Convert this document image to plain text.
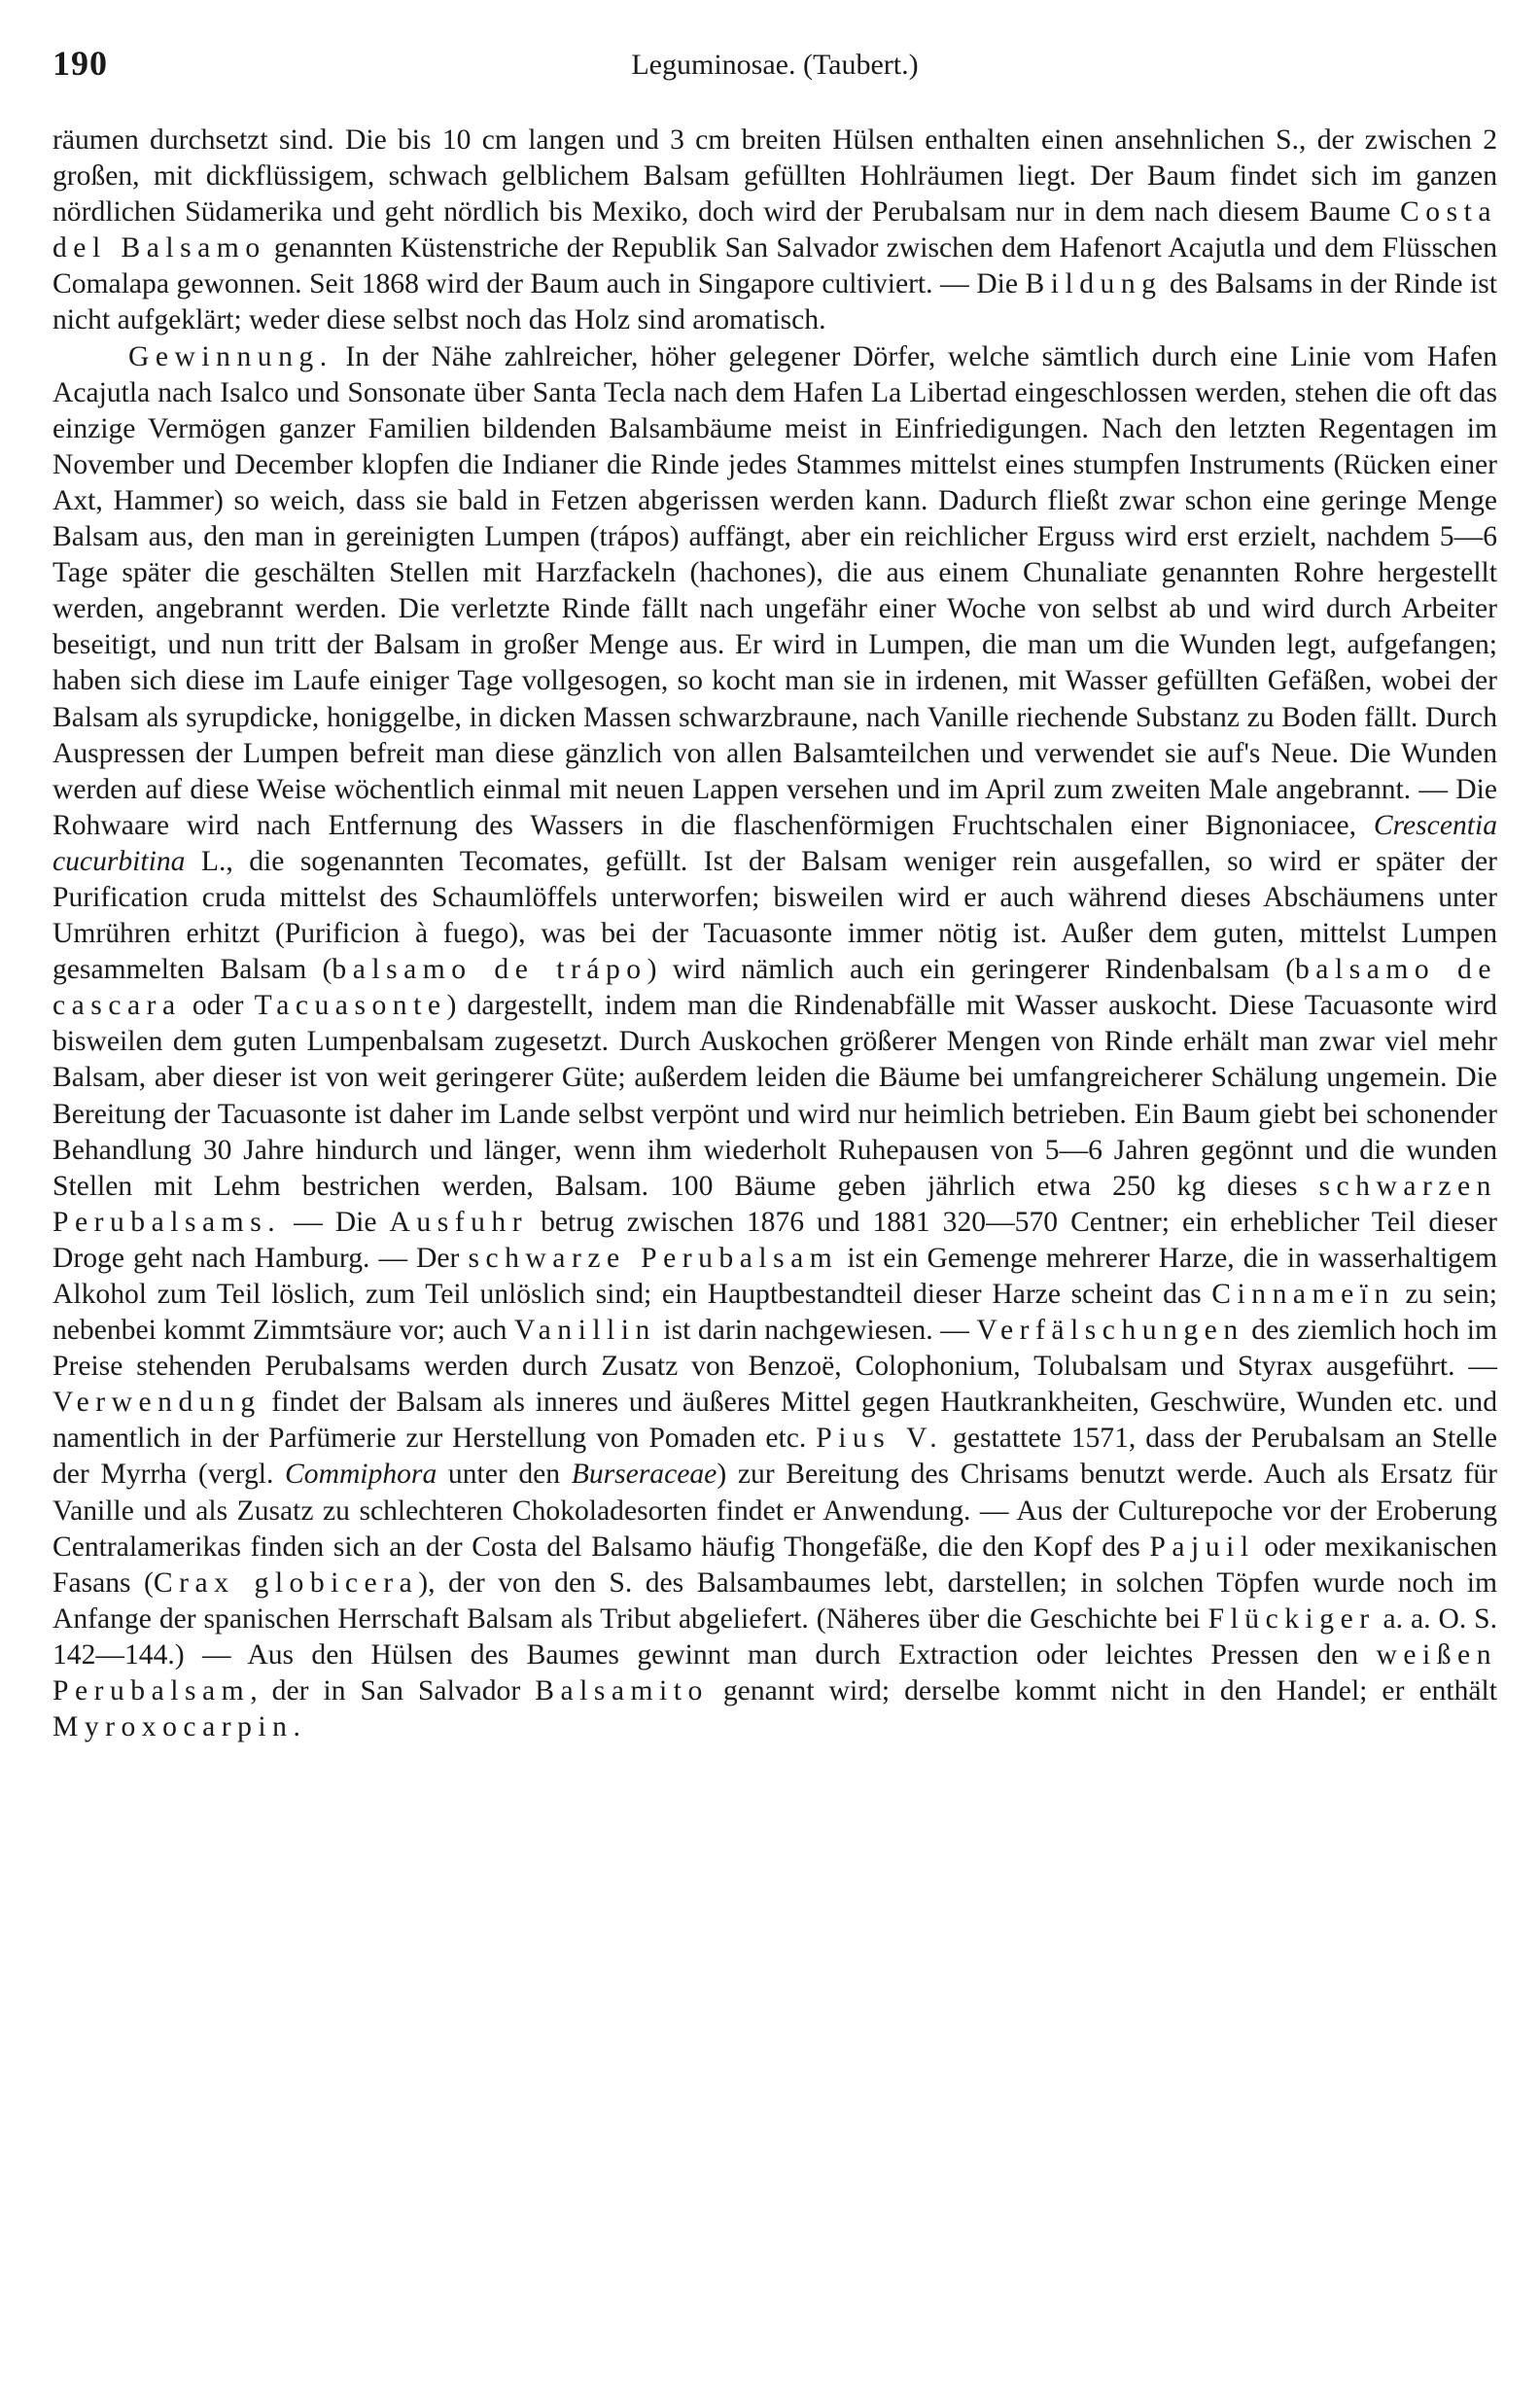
190	Leguminosae. (Taubert.)

räumen durchsetzt sind. Die bis 10 cm langen und 3 cm breiten Hülsen enthalten einen ansehnlichen S., der zwischen 2 großen, mit dickflüssigem, schwach gelblichem Balsam gefüllten Hohlräumen liegt. Der Baum findet sich im ganzen nördlichen Südamerika und geht nördlich bis Mexiko, doch wird der Perubalsam nur in dem nach diesem Baume Costa del Balsamo genannten Küstenstriche der Republik San Salvador zwischen dem Hafenort Acajutla und dem Flüsschen Comalapa gewonnen. Seit 1868 wird der Baum auch in Singapore cultiviert. — Die Bildung des Balsams in der Rinde ist nicht aufgeklärt; weder diese selbst noch das Holz sind aromatisch.

Gewinnung. In der Nähe zahlreicher, höher gelegener Dörfer, welche sämtlich durch eine Linie vom Hafen Acajutla nach Isalco und Sonsonate über Santa Tecla nach dem Hafen La Libertad eingeschlossen werden, stehen die oft das einzige Vermögen ganzer Familien bildenden Balsambäume meist in Einfriedigungen. Nach den letzten Regentagen im November und December klopfen die Indianer die Rinde jedes Stammes mittelst eines stumpfen Instruments (Rücken einer Axt, Hammer) so weich, dass sie bald in Fetzen abgerissen werden kann. Dadurch fließt zwar schon eine geringe Menge Balsam aus, den man in gereinigten Lumpen (trápos) auffängt, aber ein reichlicher Erguss wird erst erzielt, nachdem 5—6 Tage später die geschälten Stellen mit Harzfackeln (hachones), die aus einem Chunaliate genannten Rohre hergestellt werden, angebrannt werden. Die verletzte Rinde fällt nach ungefähr einer Woche von selbst ab und wird durch Arbeiter beseitigt, und nun tritt der Balsam in großer Menge aus. Er wird in Lumpen, die man um die Wunden legt, aufgefangen; haben sich diese im Laufe einiger Tage vollgesogen, so kocht man sie in irdenen, mit Wasser gefüllten Gefäßen, wobei der Balsam als syrupdicke, honiggelbe, in dicken Massen schwarzbraune, nach Vanille riechende Substanz zu Boden fällt. Durch Auspressen der Lumpen befreit man diese gänzlich von allen Balsamteilchen und verwendet sie auf's Neue. Die Wunden werden auf diese Weise wöchentlich einmal mit neuen Lappen versehen und im April zum zweiten Male angebrannt. — Die Rohwaare wird nach Entfernung des Wassers in die flaschenförmigen Fruchtschalen einer Bignoniacee, Crescentia cucurbitina L., die sogenannten Tecomates, gefüllt. Ist der Balsam weniger rein ausgefallen, so wird er später der Purification cruda mittelst des Schaumlöffels unterworfen; bisweilen wird er auch während dieses Abschäumens unter Umrühren erhitzt (Purificion à fuego), was bei der Tacuasonte immer nötig ist. Außer dem guten, mittelst Lumpen gesammelten Balsam (balsamo de trápo) wird nämlich auch ein geringerer Rindenbalsam (balsamo de cascara oder Tacuasonte) dargestellt, indem man die Rindenabfälle mit Wasser auskocht. Diese Tacuasonte wird bisweilen dem guten Lumpenbalsam zugesetzt. Durch Auskochen größerer Mengen von Rinde erhält man zwar viel mehr Balsam, aber dieser ist von weit geringerer Güte; außerdem leiden die Bäume bei umfangreicherer Schälung ungemein. Die Bereitung der Tacuasonte ist daher im Lande selbst verpönt und wird nur heimlich betrieben. Ein Baum giebt bei schonender Behandlung 30 Jahre hindurch und länger, wenn ihm wiederholt Ruhepausen von 5—6 Jahren gegönnt und die wunden Stellen mit Lehm bestrichen werden, Balsam. 100 Bäume geben jährlich etwa 250 kg dieses schwarzen Perubalsams. — Die Ausfuhr betrug zwischen 1876 und 1881 320—570 Centner; ein erheblicher Teil dieser Droge geht nach Hamburg. — Der schwarze Perubalsam ist ein Gemenge mehrerer Harze, die in wasserhaltigem Alkohol zum Teil löslich, zum Teil unlöslich sind; ein Hauptbestandteil dieser Harze scheint das Cinnameïn zu sein; nebenbei kommt Zimmtsäure vor; auch Vanillin ist darin nachgewiesen. — Verfälschungen des ziemlich hoch im Preise stehenden Perubalsams werden durch Zusatz von Benzoë, Colophonium, Tolubalsam und Styrax ausgeführt. — Verwendung findet der Balsam als inneres und äußeres Mittel gegen Hautkrankheiten, Geschwüre, Wunden etc. und namentlich in der Parfümerie zur Herstellung von Pomaden etc. Pius V. gestattete 1571, dass der Perubalsam an Stelle der Myrrha (vergl. Commiphora unter den Burseraceae) zur Bereitung des Chrisams benutzt werde. Auch als Ersatz für Vanille und als Zusatz zu schlechteren Chokoladesorten findet er Anwendung. — Aus der Culturepoche vor der Eroberung Centralamerikas finden sich an der Costa del Balsamo häufig Thongefäße, die den Kopf des Pajuil oder mexikanischen Fasans (Crax globicera), der von den S. des Balsambaumes lebt, darstellen; in solchen Töpfen wurde noch im Anfange der spanischen Herrschaft Balsam als Tribut abgeliefert. (Näheres über die Geschichte bei Flückiger a. a. O. S. 142—144.) — Aus den Hülsen des Baumes gewinnt man durch Extraction oder leichtes Pressen den weißen Perubalsam, der in San Salvador Balsamito genannt wird; derselbe kommt nicht in den Handel; er enthält Myroxocarpin.
